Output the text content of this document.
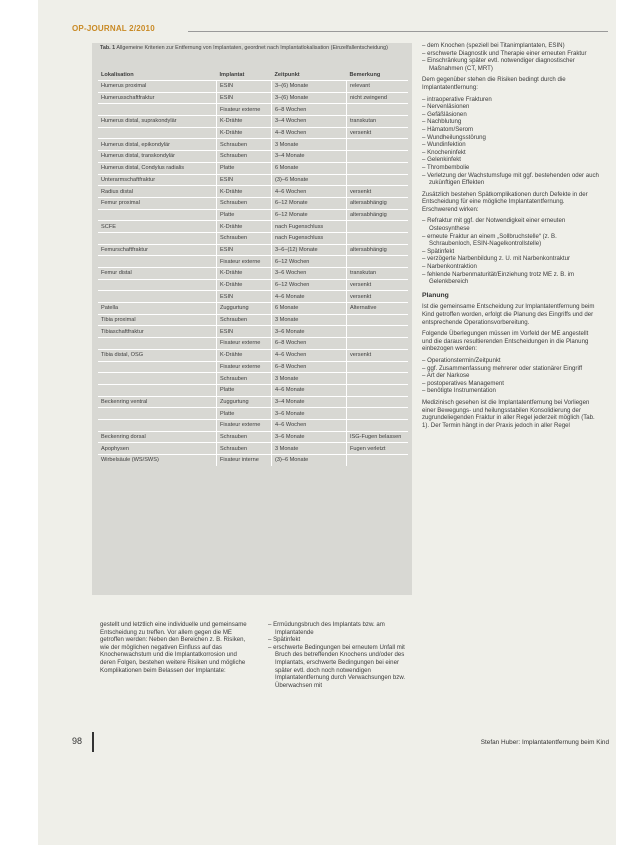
OP-JOURNAL 2/2010
Tab. 1 Allgemeine Kriterien zur Entfernung von Implantaten, geordnet nach Implantatlokalisation (Einzelfallentscheidung)
Lokalisation	Implantat	Zeitpunkt	Bemerkung
Humerus proximal	ESIN	3–(6) Monate	relevant
Humerusschaftfraktur	ESIN	3–(6) Monate	nicht zwingend
	Fixateur externe	6–8 Wochen	
Humerus distal, suprakondylär	K-Drähte	3–4 Wochen	transkutan
	K-Drähte	4–8 Wochen	versenkt
Humerus distal, epikondylär	Schrauben	3 Monate	
Humerus distal, transkondylär	Schrauben	3–4 Monate	
Humerus distal, Condylus radialis	Platte	6 Monate	
Unterarmschaftfraktur	ESIN	(3)–6 Monate	
Radius distal	K-Drähte	4–6 Wochen	versenkt
Femur proximal	Schrauben	6–12 Monate	altersabhängig
	Platte	6–12 Monate	altersabhängig
SCFE	K-Drähte	nach Fugenschluss	
	Schrauben	nach Fugenschluss	
Femurschaftfraktur	ESIN	3–6–(12) Monate	altersabhängig
	Fixateur externe	6–12 Wochen	
Femur distal	K-Drähte	3–6 Wochen	transkutan
	K-Drähte	6–12 Wochen	versenkt
	ESIN	4–6 Monate	versenkt
Patella	Zuggurtung	6 Monate	Alternative
Tibia proximal	Schrauben	3 Monate	
Tibiaschaftfraktur	ESIN	3–6 Monate	
	Fixateur externe	6–8 Wochen	
Tibia distal, OSG	K-Drähte	4–6 Wochen	versenkt
	Fixateur externe	6–8 Wochen	
	Schrauben	3 Monate	
	Platte	4–6 Monate	
Beckenring ventral	Zuggurtung	3–4 Monate	
	Platte	3–6 Monate	
	Fixateur externe	4–6 Wochen	
Beckenring dorsal	Schrauben	3–6 Monate	ISG-Fugen belassen
Apophysen	Schrauben	3 Monate	Fugen verletzt
Wirbelsäule (WS/SWS)	Fixateur interne	(3)–6 Monate	

gestellt und letztlich eine individuelle und gemeinsame Entscheidung zu treffen. Vor allem gegen die ME getroffen werden: Neben den Bereichen z. B. Risiken, wie der möglichen negativen Einfluss auf das Knochenwachstum und die Implantatkorrosion und deren Folgen, bestehen weitere Risiken und mögliche Komplikationen beim Belassen der Implantate:

– Ermüdungsbruch des Implantats bzw. am Implantatende
– Spätinfekt
– erschwerte Bedingungen bei erneutem Unfall mit Bruch des betreffenden Knochens und/oder des Implantats, erschwerte Bedingungen bei einer später evtl. doch noch notwendigen Implantatentfernung durch Verwachsungen bzw. Überwachsen mit
– dem Knochen (speziell bei Titanimplantaten, ESIN)
– erschwerte Diagnostik und Therapie einer erneuten Fraktur
– Einschränkung später evtl. notwendiger diagnostischer Maßnahmen (CT, MRT)

Dem gegenüber stehen die Risiken bedingt durch die Implantatentfernung:

– intraoperative Frakturen
– Nervenläsionen
– Gefäßläsionen
– Nachblutung
– Hämatom/Serom
– Wundheilungsstörung
– Wundinfektion
– Knocheninfekt
– Gelenkinfekt
– Thrombembolie
– Verletzung der Wachstumsfuge mit ggf. bestehenden oder auch zukünftigen Effekten

Zusätzlich bestehen Spätkomplikationen durch Defekte in der Entscheidung für eine mögliche Implantatentfernung. Erschwerend wirken:

– Refraktur mit ggf. der Notwendigkeit einer erneuten Osteosynthese
– erneute Fraktur an einem „Sollbruchstelle“ (z. B. Schraubenloch, ESIN-Nagelkontrollstelle)
– Spätinfekt
– verzögerte Narbenbildung z. U. mit Narbenkontraktur
– Narbenkontraktion
– fehlende Narbenmaturität/Einziehung trotz ME z. B. im Gelenkbereich
Planung

Ist die gemeinsame Entscheidung zur Implantatentfernung beim Kind getroffen worden, erfolgt die Planung des Eingriffs und der entsprechende Operationsvorbereitung.

Folgende Überlegungen müssen im Vorfeld der ME angestellt und die daraus resultierenden Entscheidungen in die Planung einbezogen werden:

– Operationstermin/Zeitpunkt
– ggf. Zusammenfassung mehrerer oder stationärer Eingriff
– Art der Narkose
– postoperatives Management
– benötigte Instrumentation

Medizinisch gesehen ist die Implantatentfernung bei Vorliegen einer Bewegungs- und heilungsstabilen Konsolidierung der zugrundeliegenden Fraktur in aller Regel jederzeit möglich (Tab. 1). Der Termin hängt in der Praxis jedoch in aller Regel

98	Stefan Huber: Implantatentfernung beim Kind
